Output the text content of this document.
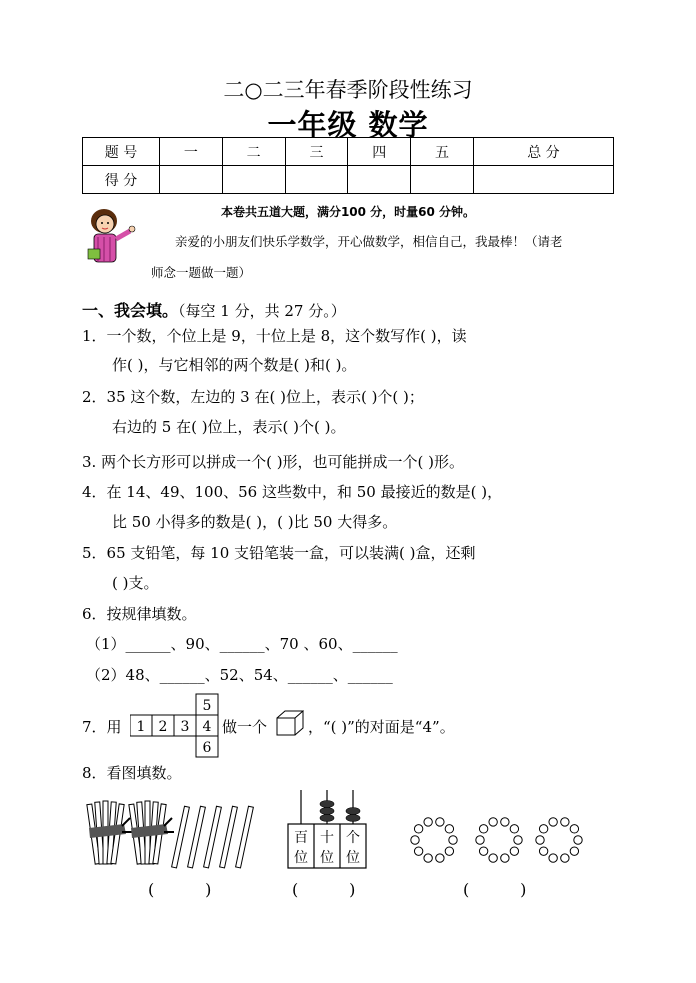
二○二三年春季阶段性练习
一年级 数学
题 号	一	二	三	四	五	总 分
得 分						
本卷共五道大题，满分100 分，时量60 分钟。
亲爱的小朋友们快乐学数学，开心做数学，相信自己，我最棒！（请老
师念一题做一题）
一、我会填。（每空 1 分，共 27 分。）
1．一个数，个位上是 9，十位上是 8，这个数写作( )，读
作( )，与它相邻的两个数是( )和( )。
2．35 这个数，左边的 3 在( )位上，表示( )个( )；
右边的 5 在( )位上，表示( )个( )。
3. 两个长方形可以拼成一个( )形，也可能拼成一个( )形。
4．在 14、49、100、56 这些数中，和 50 最接近的数是( )，
比 50 小得多的数是( )，( )比 50 大得多。
5．65 支铅笔，每 10 支铅笔装一盒，可以装满( )盒，还剩
( )支。
6．按规律填数。
（1）______、90、______、70 、60、______
（2）48、______、52、54、______、______
7．用 1 2 3 4
5
6
做一个	，“( )”的对面是“4”。
8．看图填数。
百
位
十
位
个
位
(          )	(          )	(          )
